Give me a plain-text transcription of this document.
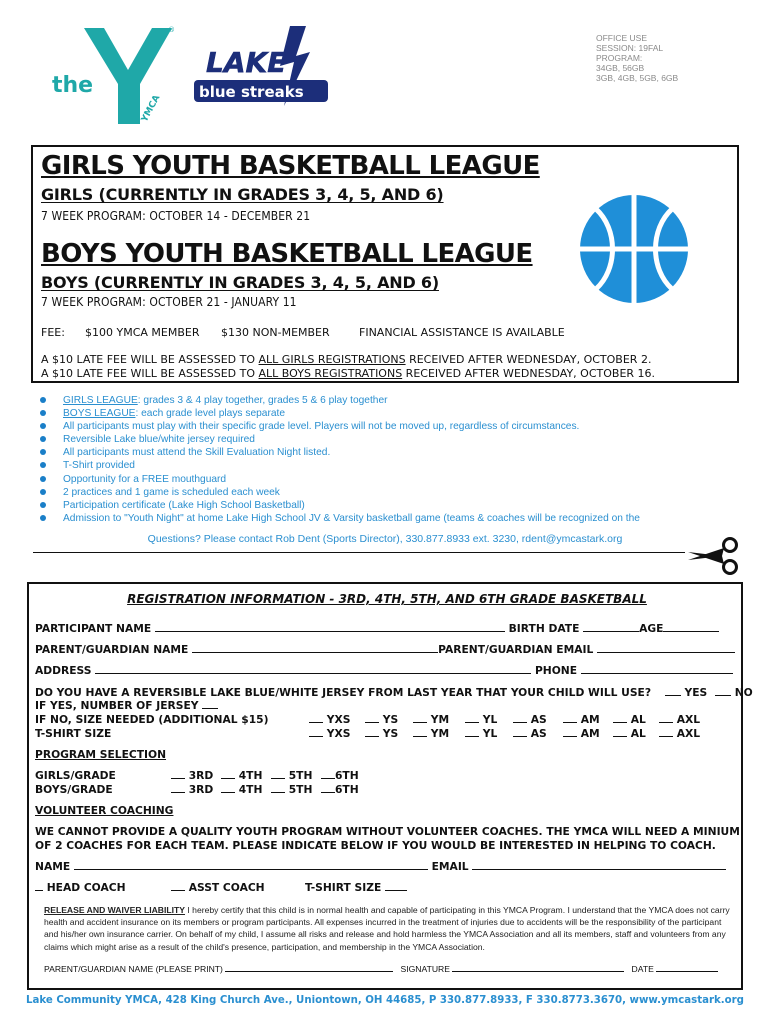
the
YMCA
®
LAKE
blue streaks
OFFICE USE
SESSION: 19FAL
PROGRAM:
34GB, 56GB
3GB, 4GB, 5GB, 6GB
GIRLS YOUTH BASKETBALL LEAGUE
GIRLS (CURRENTLY IN GRADES 3, 4, 5, AND 6)
7 WEEK PROGRAM: OCTOBER 14 - DECEMBER 21
BOYS YOUTH BASKETBALL LEAGUE
BOYS (CURRENTLY IN GRADES 3, 4, 5, AND 6)
7 WEEK PROGRAM: OCTOBER 21 - JANUARY 11
FEE: $100 YMCA MEMBER $130 NON-MEMBER	FINANCIAL ASSISTANCE IS AVAILABLE
A $10 LATE FEE WILL BE ASSESSED TO ALL GIRLS REGISTRATIONS RECEIVED AFTER WEDNESDAY, OCTOBER 2.
A $10 LATE FEE WILL BE ASSESSED TO ALL BOYS REGISTRATIONS RECEIVED AFTER WEDNESDAY, OCTOBER 16.
GIRLS LEAGUE: grades 3 & 4 play together, grades 5 & 6 play together
BOYS LEAGUE: each grade level plays separate
All participants must play with their specific grade level. Players will not be moved up, regardless of circumstances.
Reversible Lake blue/white jersey required
All participants must attend the Skill Evaluation Night listed.
T-Shirt provided
Opportunity for a FREE mouthguard
2 practices and 1 game is scheduled each week
Participation certificate (Lake High School Basketball)
Admission to "Youth Night" at home Lake High School JV & Varsity basketball game (teams & coaches will be recognized on the
Questions? Please contact Rob Dent (Sports Director), 330.877.8933 ext. 3230, rdent@ymcastark.org
REGISTRATION INFORMATION - 3RD, 4TH, 5TH, AND 6TH GRADE BASKETBALL
PARTICIPANT NAME	BIRTH DATE	AGE
PARENT/GUARDIAN NAME	PARENT/GUARDIAN EMAIL
ADDRESS	PHONE
DO YOU HAVE A REVERSIBLE LAKE BLUE/WHITE JERSEY FROM LAST YEAR THAT YOUR CHILD WILL USE?	YES	NO
IF YES, NUMBER OF JERSEY
IF NO, SIZE NEEDED (ADDITIONAL $15)	YXS	YS	YM	YL	AS	AM	AL	AXL
T-SHIRT SIZE	YXS	YS	YM	YL	AS	AM	AL	AXL
PROGRAM SELECTION
GIRLS/GRADE	3RD	4TH	5TH	6TH
BOYS/GRADE	3RD	4TH	5TH	6TH
VOLUNTEER COACHING
WE CANNOT PROVIDE A QUALITY YOUTH PROGRAM WITHOUT VOLUNTEER COACHES. THE YMCA WILL NEED A MINIUM
OF 2 COACHES FOR EACH TEAM. PLEASE INDICATE BELOW IF YOU WOULD BE INTERESTED IN HELPING TO COACH.
NAME	EMAIL
HEAD COACH	ASST COACH	T-SHIRT SIZE
RELEASE AND WAIVER LIABILITY I hereby certify that this child is in normal health and capable of participating in this YMCA Program. I understand that the YMCA does not carry health and accident insurance on its members or program participants. All expenses incurred in the treatment of injuries due to accidents will be the responsibility of the participant and his/her own insurance carrier. On behalf of my child, I assume all risks and release and hold harmless the YMCA Association and all its members, staff and volunteers from any claims which might arise as a result of the child's presence, participation, and membership in the YMCA Association.
PARENT/GUARDIAN NAME (PLEASE PRINT)	SIGNATURE	DATE
Lake Community YMCA, 428 King Church Ave., Uniontown, OH 44685, P 330.877.8933, F 330.8773.3670, www.ymcastark.org
